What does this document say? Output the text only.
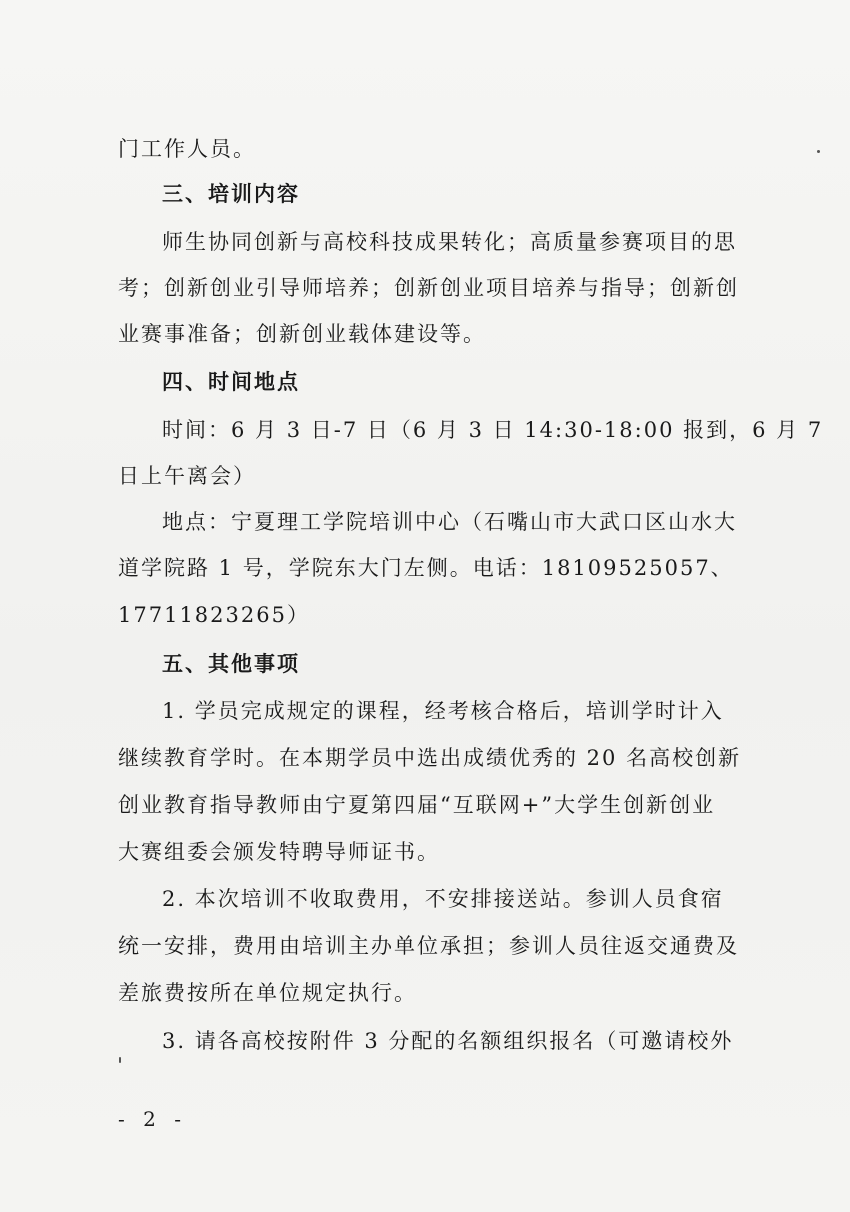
门工作人员。
三、培训内容
师生协同创新与高校科技成果转化；高质量参赛项目的思
考；创新创业引导师培养；创新创业项目培养与指导；创新创
业赛事准备；创新创业载体建设等。
四、时间地点
时间：6 月 3 日-7 日（6 月 3 日 14:30-18:00 报到，6 月 7
日上午离会）
地点：宁夏理工学院培训中心（石嘴山市大武口区山水大
道学院路 1 号，学院东大门左侧。电话：18109525057、
17711823265）
五、其他事项
1. 学员完成规定的课程，经考核合格后，培训学时计入
继续教育学时。在本期学员中选出成绩优秀的 20 名高校创新
创业教育指导教师由宁夏第四届“互联网+”大学生创新创业
大赛组委会颁发特聘导师证书。
2. 本次培训不收取费用，不安排接送站。参训人员食宿
统一安排，费用由培训主办单位承担；参训人员往返交通费及
差旅费按所在单位规定执行。
3. 请各高校按附件 3 分配的名额组织报名（可邀请校外
- 2 -
